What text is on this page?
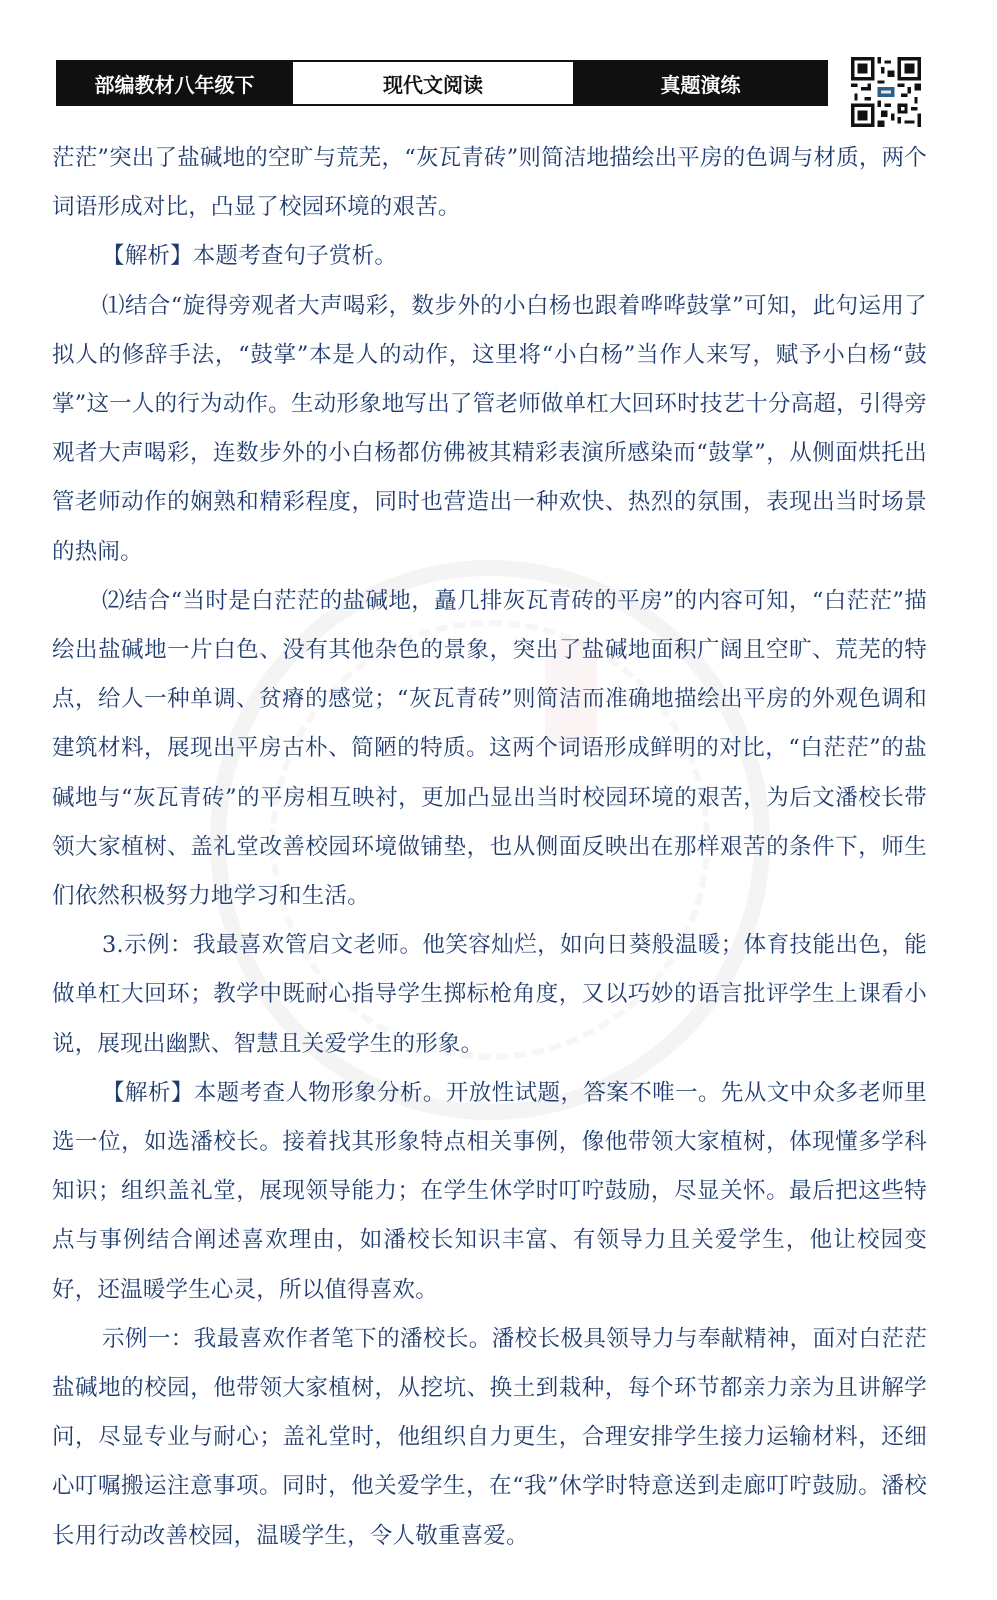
部编教材八年级下	现代文阅读	真题演练

茫茫”突出了盐碱地的空旷与荒芜，“灰瓦青砖”则简洁地描绘出平房的色调与材质，两个词语形成对比，凸显了校园环境的艰苦。

【解析】本题考查句子赏析。

⑴结合“旋得旁观者大声喝彩，数步外的小白杨也跟着哗哗鼓掌”可知，此句运用了拟人的修辞手法，“鼓掌”本是人的动作，这里将“小白杨”当作人来写，赋予小白杨“鼓掌”这一人的行为动作。生动形象地写出了管老师做单杠大回环时技艺十分高超，引得旁观者大声喝彩，连数步外的小白杨都仿佛被其精彩表演所感染而“鼓掌”，从侧面烘托出管老师动作的娴熟和精彩程度，同时也营造出一种欢快、热烈的氛围，表现出当时场景的热闹。

⑵结合“当时是白茫茫的盐碱地，矗几排灰瓦青砖的平房”的内容可知，“白茫茫”描绘出盐碱地一片白色、没有其他杂色的景象，突出了盐碱地面积广阔且空旷、荒芜的特点，给人一种单调、贫瘠的感觉；“灰瓦青砖”则简洁而准确地描绘出平房的外观色调和建筑材料，展现出平房古朴、简陋的特质。这两个词语形成鲜明的对比，“白茫茫”的盐碱地与“灰瓦青砖”的平房相互映衬，更加凸显出当时校园环境的艰苦，为后文潘校长带领大家植树、盖礼堂改善校园环境做铺垫，也从侧面反映出在那样艰苦的条件下，师生们依然积极努力地学习和生活。

3.示例：我最喜欢管启文老师。他笑容灿烂，如向日葵般温暖；体育技能出色，能做单杠大回环；教学中既耐心指导学生掷标枪角度，又以巧妙的语言批评学生上课看小说，展现出幽默、智慧且关爱学生的形象。

【解析】本题考查人物形象分析。开放性试题，答案不唯一。先从文中众多老师里选一位，如选潘校长。接着找其形象特点相关事例，像他带领大家植树，体现懂多学科知识；组织盖礼堂，展现领导能力；在学生休学时叮咛鼓励，尽显关怀。最后把这些特点与事例结合阐述喜欢理由，如潘校长知识丰富、有领导力且关爱学生，他让校园变好，还温暖学生心灵，所以值得喜欢。

示例一：我最喜欢作者笔下的潘校长。潘校长极具领导力与奉献精神，面对白茫茫盐碱地的校园，他带领大家植树，从挖坑、换土到栽种，每个环节都亲力亲为且讲解学问，尽显专业与耐心；盖礼堂时，他组织自力更生，合理安排学生接力运输材料，还细心叮嘱搬运注意事项。同时，他关爱学生，在“我”休学时特意送到走廊叮咛鼓励。潘校长用行动改善校园，温暖学生，令人敬重喜爱。
